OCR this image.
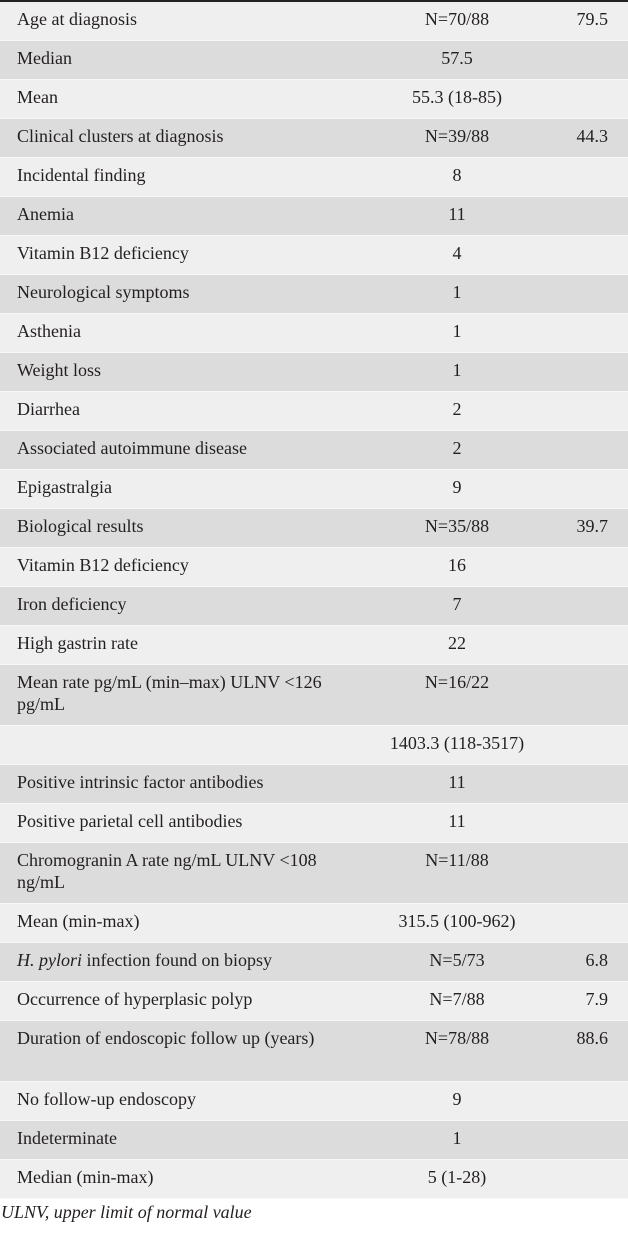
Age at diagnosis	N=70/88	79.5
Median	57.5	
Mean	55.3 (18-85)	
Clinical clusters at diagnosis	N=39/88	44.3
Incidental finding	8	
Anemia	11	
Vitamin B12 deficiency	4	
Neurological symptoms	1	
Asthenia	1	
Weight loss	1	
Diarrhea	2	
Associated autoimmune disease	2	
Epigastralgia	9	
Biological results	N=35/88	39.7
Vitamin B12 deficiency	16	
Iron deficiency	7	
High gastrin rate	22	
Mean rate pg/mL (min–max) ULNV <126 pg/mL	N=16/22	
	1403.3 (118-3517)	
Positive intrinsic factor antibodies	11	
Positive parietal cell antibodies	11	
Chromogranin A rate ng/mL ULNV <108 ng/mL	N=11/88	
Mean (min-max)	315.5 (100-962)	
H. pylori infection found on biopsy	N=5/73	6.8
Occurrence of hyperplasic polyp	N=7/88	7.9
Duration of endoscopic follow up (years)	N=78/88	88.6
No follow-up endoscopy	9	
Indeterminate	1	
Median (min-max)	5 (1-28)	
ULNV, upper limit of normal value
